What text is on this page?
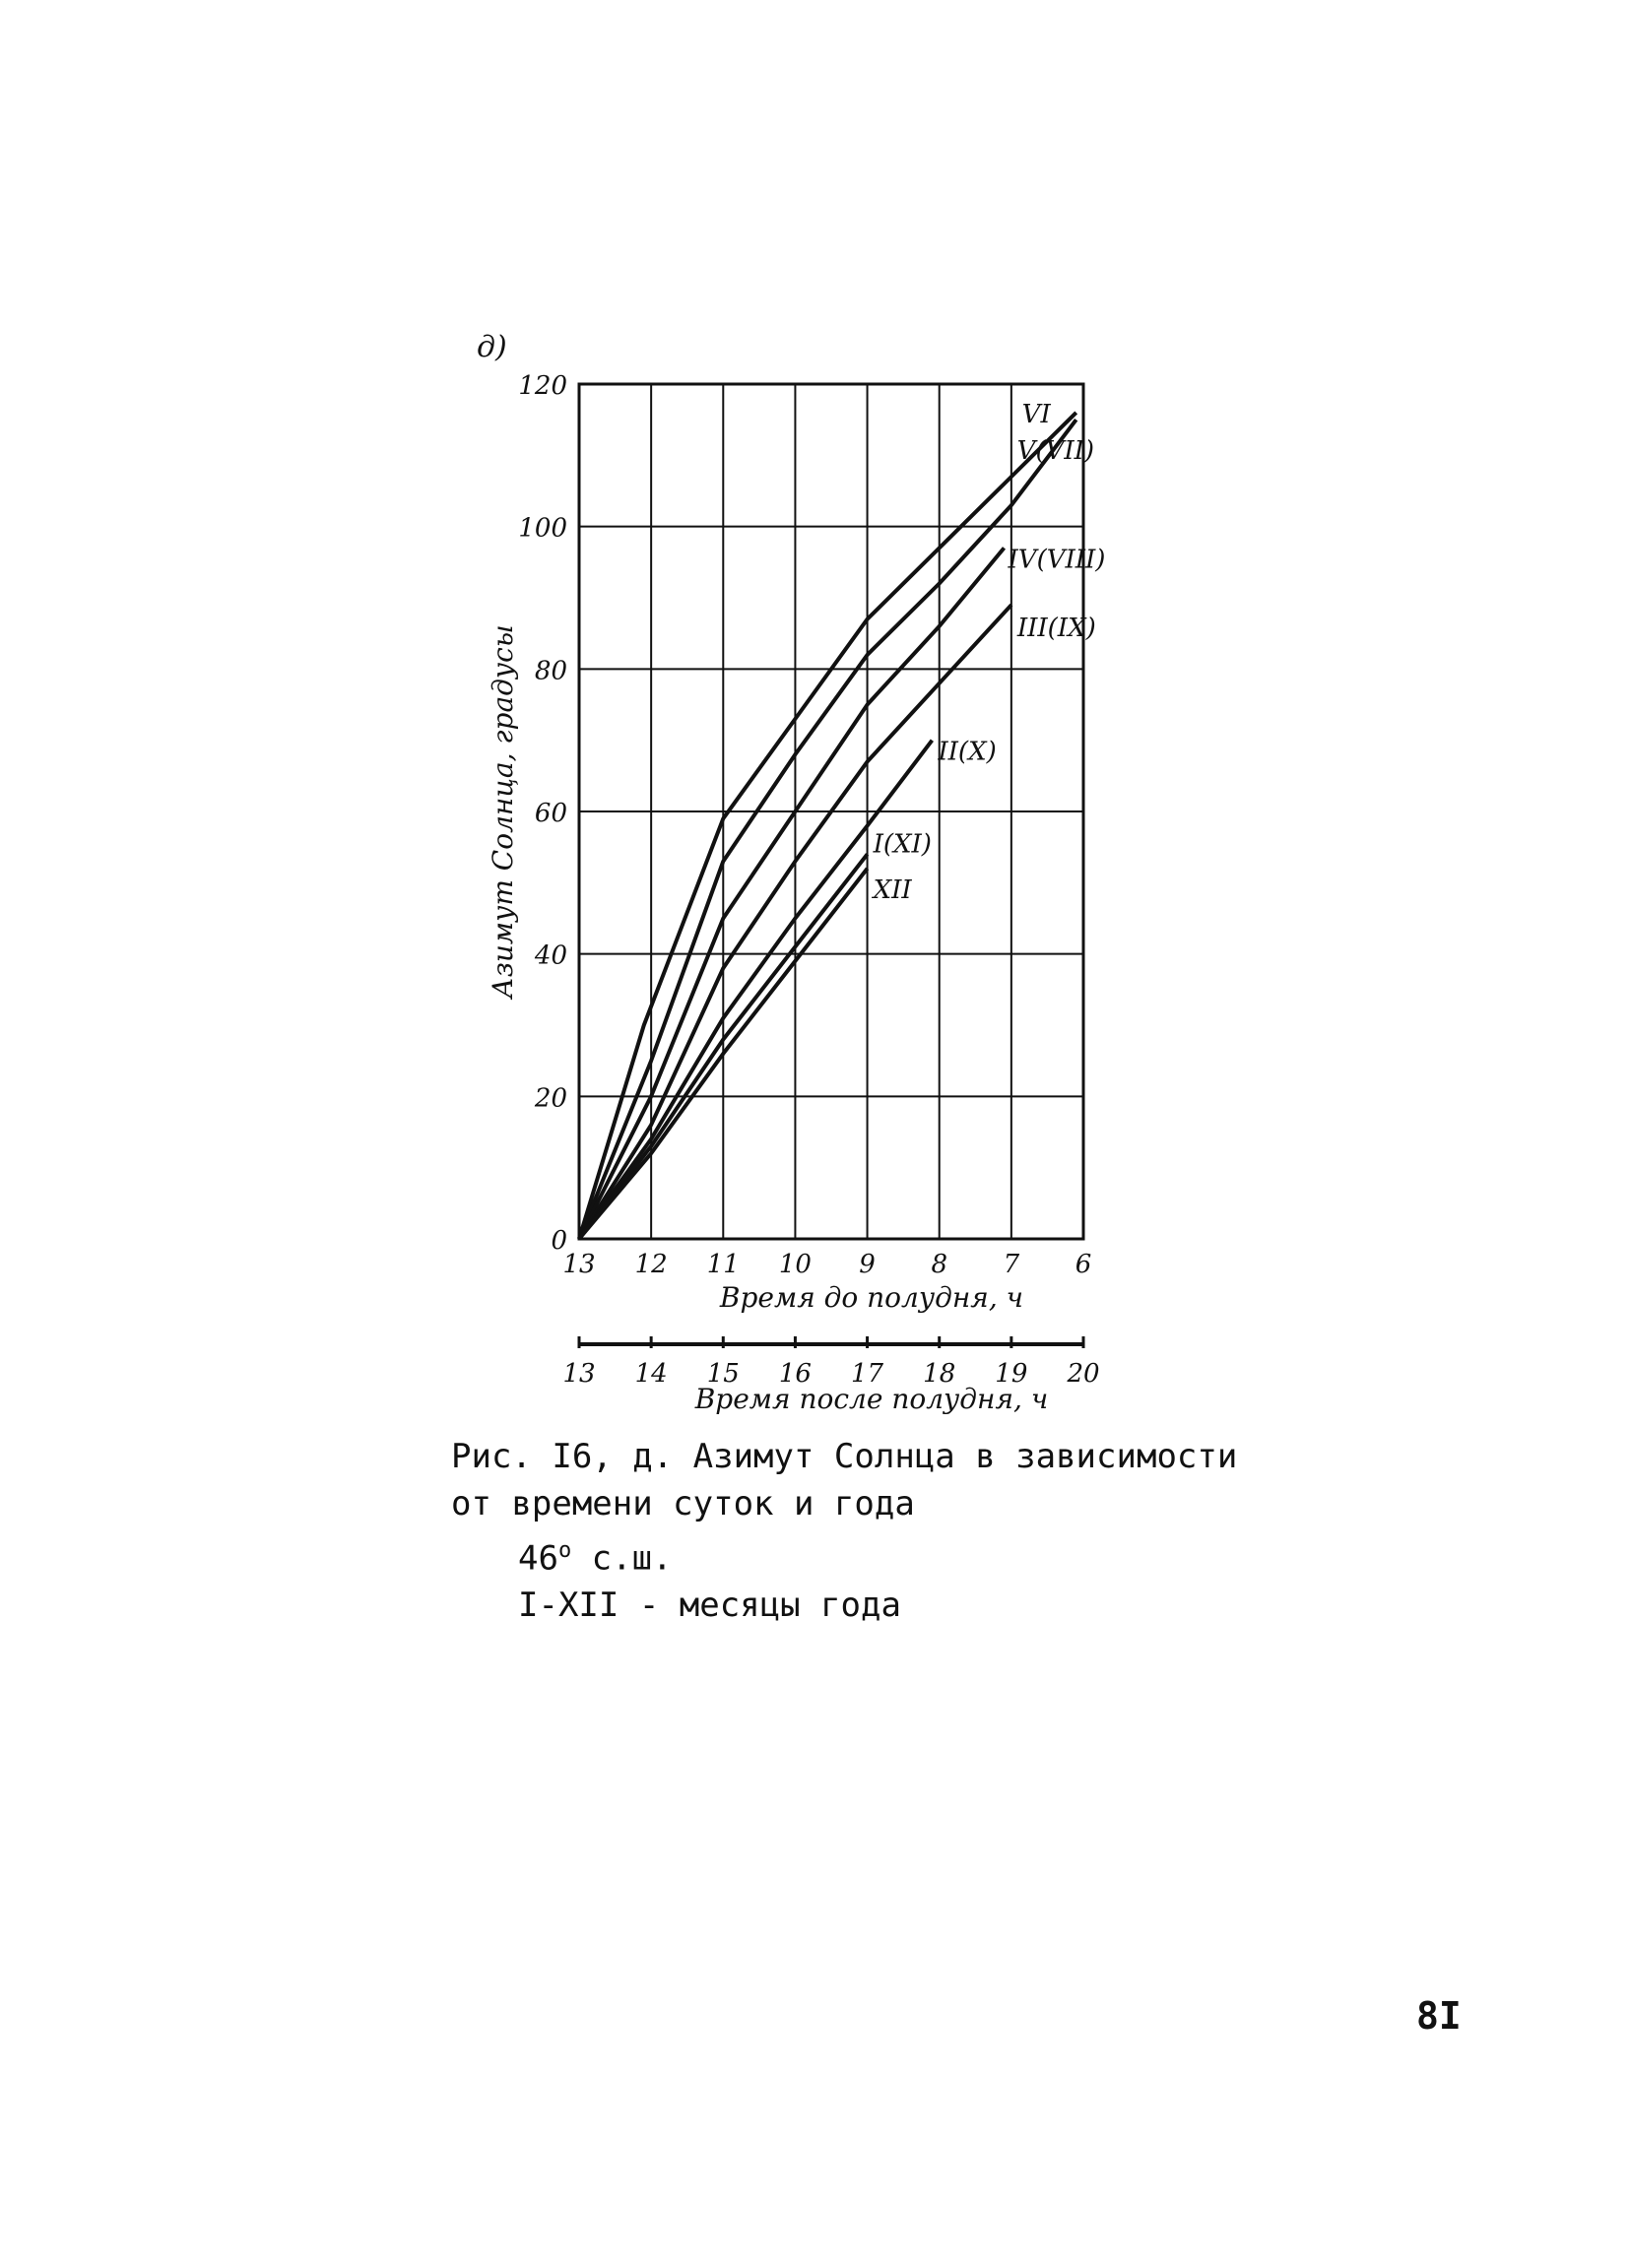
д)
13 12 11 10 9 8 7 6
0
20
40
60
80
100
120
13 14 15 16 17 18 19 20
VI
V(VII)
IV(VIII)
III(IX)
II(X)
I(XI)
XII
Азимут Солнца, градусы
Время до полудня, ч
Время после полудня, ч
Рис. I6, д. Азимут Солнца в зависимости
от времени суток и года
46$^o$ с.ш.
I-XII - месяцы года
8I
